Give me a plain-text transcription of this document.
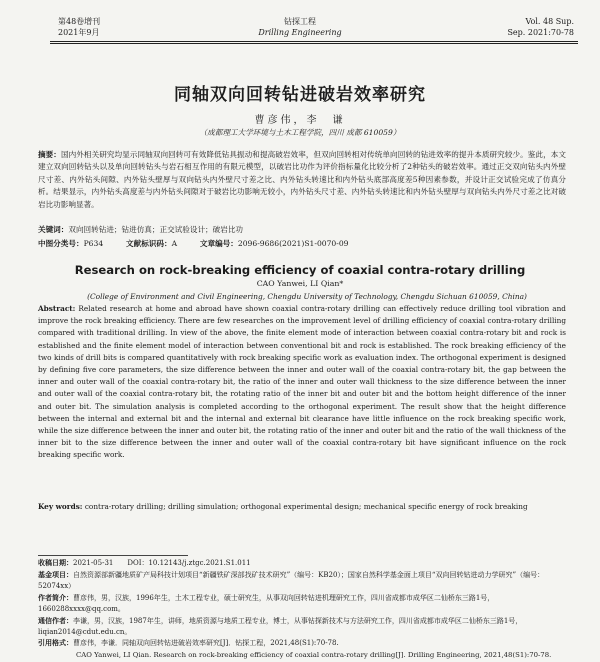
第48卷增刊
2021年9月
钻探工程
Drilling Engineering
Vol. 48 Sup.
Sep. 2021:70-78
同轴双向回转钻进破岩效率研究
曹彦伟，李　谦
（成都理工大学环境与土木工程学院，四川 成都 610059）
摘要：国内外相关研究均显示同轴双向回转可有效降低钻具振动和提高破岩效率，但双向回转相对传统单向回转的钻进效率的提升本质研究较少。鉴此，本文建立双向回转钻头以及单向回转钻头与岩石相互作用的有限元模型，以破岩比功作为评价指标量化比较分析了2种钻头的破岩效率。通过正交双向钻头内外壁尺寸差、内外钻头间隙、内外钻头壁厚与双向钻头内外壁尺寸差之比、内外钻头转速比和内外钻头底部高度差5种因素参数，并设计正交试验完成了仿真分析。结果显示，内外钻头高度差与内外钻头间隙对于破岩比功影响无较小，内外钻头尺寸差、内外钻头转速比和内外钻头壁厚与双向钻头内外尺寸差之比对破岩比功影响显著。
关键词：双向回转钻进；钻进仿真；正交试验设计；破岩比功
中图分类号：P634	文献标识码：A	文章编号：2096-9686(2021)S1-0070-09
Research on rock-breaking efficiency of coaxial contra-rotary drilling
CAO Yanwei, LI Qian*
(College of Environment and Civil Engineering, Chengdu University of Technology, Chengdu Sichuan 610059, China)
Abstract: Related research at home and abroad have shown coaxial contra-rotary drilling can effectively reduce drilling tool vibration and improve the rock breaking efficiency. There are few researches on the improvement level of drilling efficiency of coaxial contra-rotary drilling compared with traditional drilling. In view of the above, the finite element mode of interaction between coaxial contra-rotary bit and rock is established and the finite element model of interaction between conventional bit and rock is established. The rock breaking efficiency of the two kinds of drill bits is compared quantitatively with rock breaking specific work as evaluation index. The orthogonal experiment is designed by defining five core parameters, the size difference between the inner and outer wall of the coaxial contra-rotary bit, the gap between the inner and outer wall of the coaxial contra-rotary bit, the ratio of the inner and outer wall thickness to the size difference between the inner and outer wall of the coaxial contra-rotary bit, the rotating ratio of the inner bit and outer bit and the bottom height difference of the inner and outer bit. The simulation analysis is completed according to the orthogonal experiment. The result show that the height difference between the internal and external bit and the internal and external bit clearance have little influence on the rock breaking specific work, while the size difference between the inner and outer bit, the rotating ratio of the inner and outer bit and the ratio of the wall thickness of the inner bit to the size difference between the inner and outer wall of the coaxial contra-rotary bit have significant influence on the rock breaking specific work.
Key words: contra-rotary drilling; drilling simulation; orthogonal experimental design; mechanical specific energy of rock breaking
收稿日期：2021-05-31　　DOI：10.12143/j.ztgc.2021.S1.011
基金项目：自然资源部新疆地质矿产局科技计划项目“新疆铁矿深部找矿技术研究”（编号：KB20）；国家自然科学基金面上项目“双向回转钻进动力学研究”（编号：52074xx）
作者简介：曹彦伟，男，汉族，1996年生，土木工程专业，硕士研究生，从事双向回转钻进机理研究工作，四川省成都市成华区二仙桥东三路1号，1660288xxxx@qq.com。
通信作者：李谦，男，汉族，1987年生，讲师，地质资源与地质工程专业，博士，从事钻探新技术与方法研究工作，四川省成都市成华区二仙桥东三路1号，liqian2014@cdut.edu.cn。
引用格式：曹彦伟，李谦．同轴双向回转钻进破岩效率研究[J]．钻探工程，2021,48(S1):70-78.
CAO Yanwei, LI Qian. Research on rock-breaking efficiency of coaxial contra-rotary drilling[J]. Drilling Engineering, 2021,48(S1):70-78.
